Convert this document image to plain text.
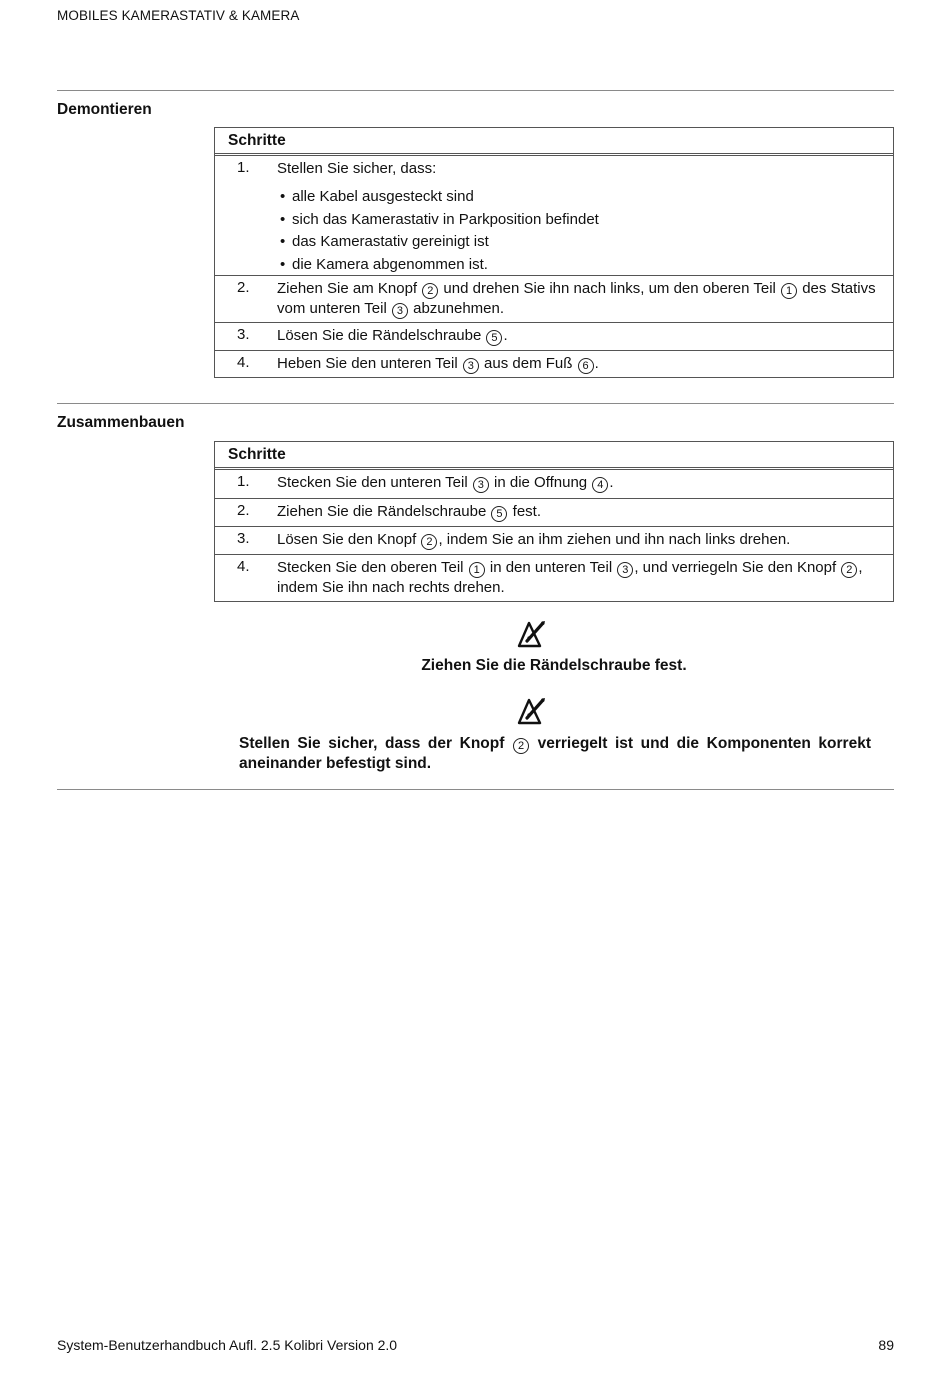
MOBILES KAMERASTATIV & KAMERA
Demontieren
Schritte
1. Stellen Sie sicher, dass:
• alle Kabel ausgesteckt sind
• sich das Kamerastativ in Parkposition befindet
• das Kamerastativ gereinigt ist
• die Kamera abgenommen ist.
2. Ziehen Sie am Knopf 2 und drehen Sie ihn nach links, um den oberen Teil 1 des Stativs vom unteren Teil 3 abzunehmen.
3. Lösen Sie die Rändelschraube 5 .
4. Heben Sie den unteren Teil 3 aus dem Fuß 6 .
Zusammenbauen
Schritte
1. Stecken Sie den unteren Teil 3 in die Offnung 4 .
2. Ziehen Sie die Rändelschraube 5 fest.
3. Lösen Sie den Knopf 2 , indem Sie an ihm ziehen und ihn nach links drehen.
4. Stecken Sie den oberen Teil 1 in den unteren Teil 3 , und verriegeln Sie den Knopf 2 , indem Sie ihn nach rechts drehen.
Ziehen Sie die Rändelschraube fest.
Stellen Sie sicher, dass der Knopf 2 verriegelt ist und die Komponenten korrekt aneinander befestigt sind.
System-Benutzerhandbuch Aufl. 2.5 Kolibri Version 2.0	89
